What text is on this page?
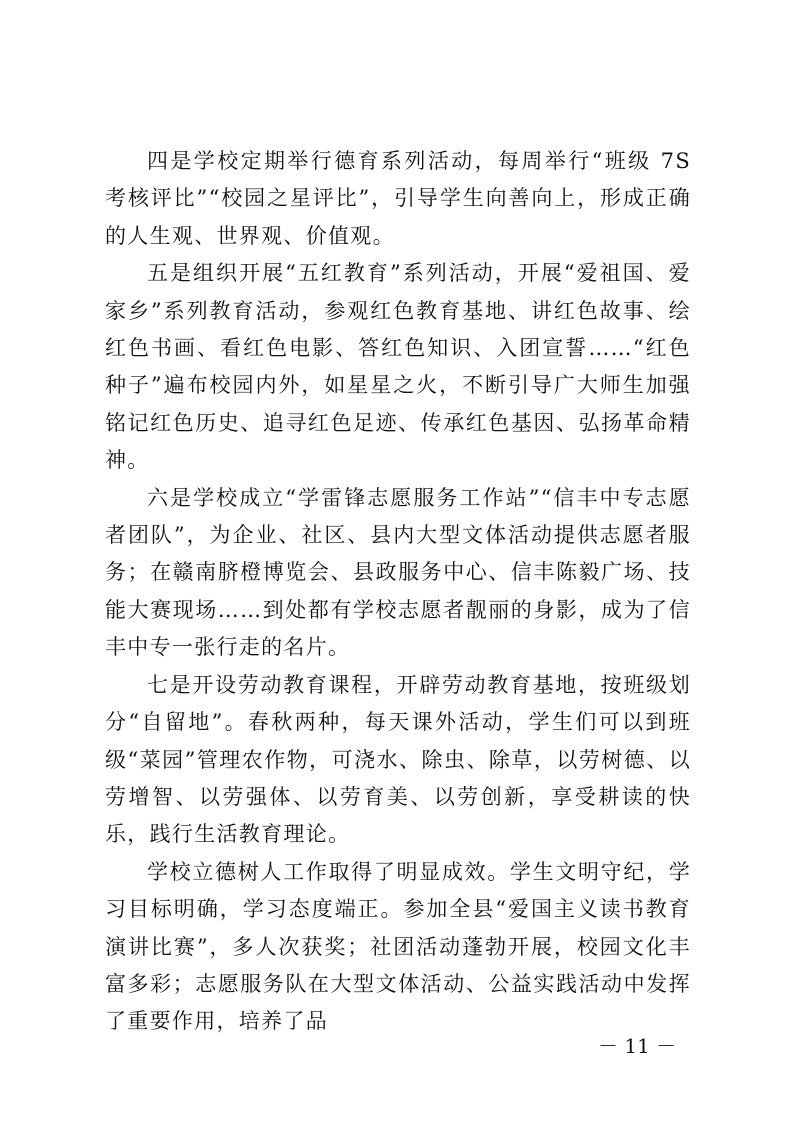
四是学校定期举行德育系列活动，每周举行“班级 7S 考核评比”“校园之星评比”，引导学生向善向上，形成正确的人生观、世界观、价值观。

五是组织开展“五红教育”系列活动，开展“爱祖国、爱家乡”系列教育活动，参观红色教育基地、讲红色故事、绘红色书画、看红色电影、答红色知识、入团宣誓……“红色种子”遍布校园内外，如星星之火，不断引导广大师生加强铭记红色历史、追寻红色足迹、传承红色基因、弘扬革命精神。

六是学校成立“学雷锋志愿服务工作站”“信丰中专志愿者团队”，为企业、社区、县内大型文体活动提供志愿者服务；在赣南脐橙博览会、县政服务中心、信丰陈毅广场、技能大赛现场……到处都有学校志愿者靓丽的身影，成为了信丰中专一张行走的名片。

七是开设劳动教育课程，开辟劳动教育基地，按班级划分“自留地”。春秋两种，每天课外活动，学生们可以到班级“菜园”管理农作物，可浇水、除虫、除草，以劳树德、以劳增智、以劳强体、以劳育美、以劳创新，享受耕读的快乐，践行生活教育理论。

学校立德树人工作取得了明显成效。学生文明守纪，学习目标明确，学习态度端正。参加全县“爱国主义读书教育演讲比赛”，多人次获奖；社团活动蓬勃开展，校园文化丰富多彩；志愿服务队在大型文体活动、公益实践活动中发挥了重要作用，培养了品

－ 11 －
